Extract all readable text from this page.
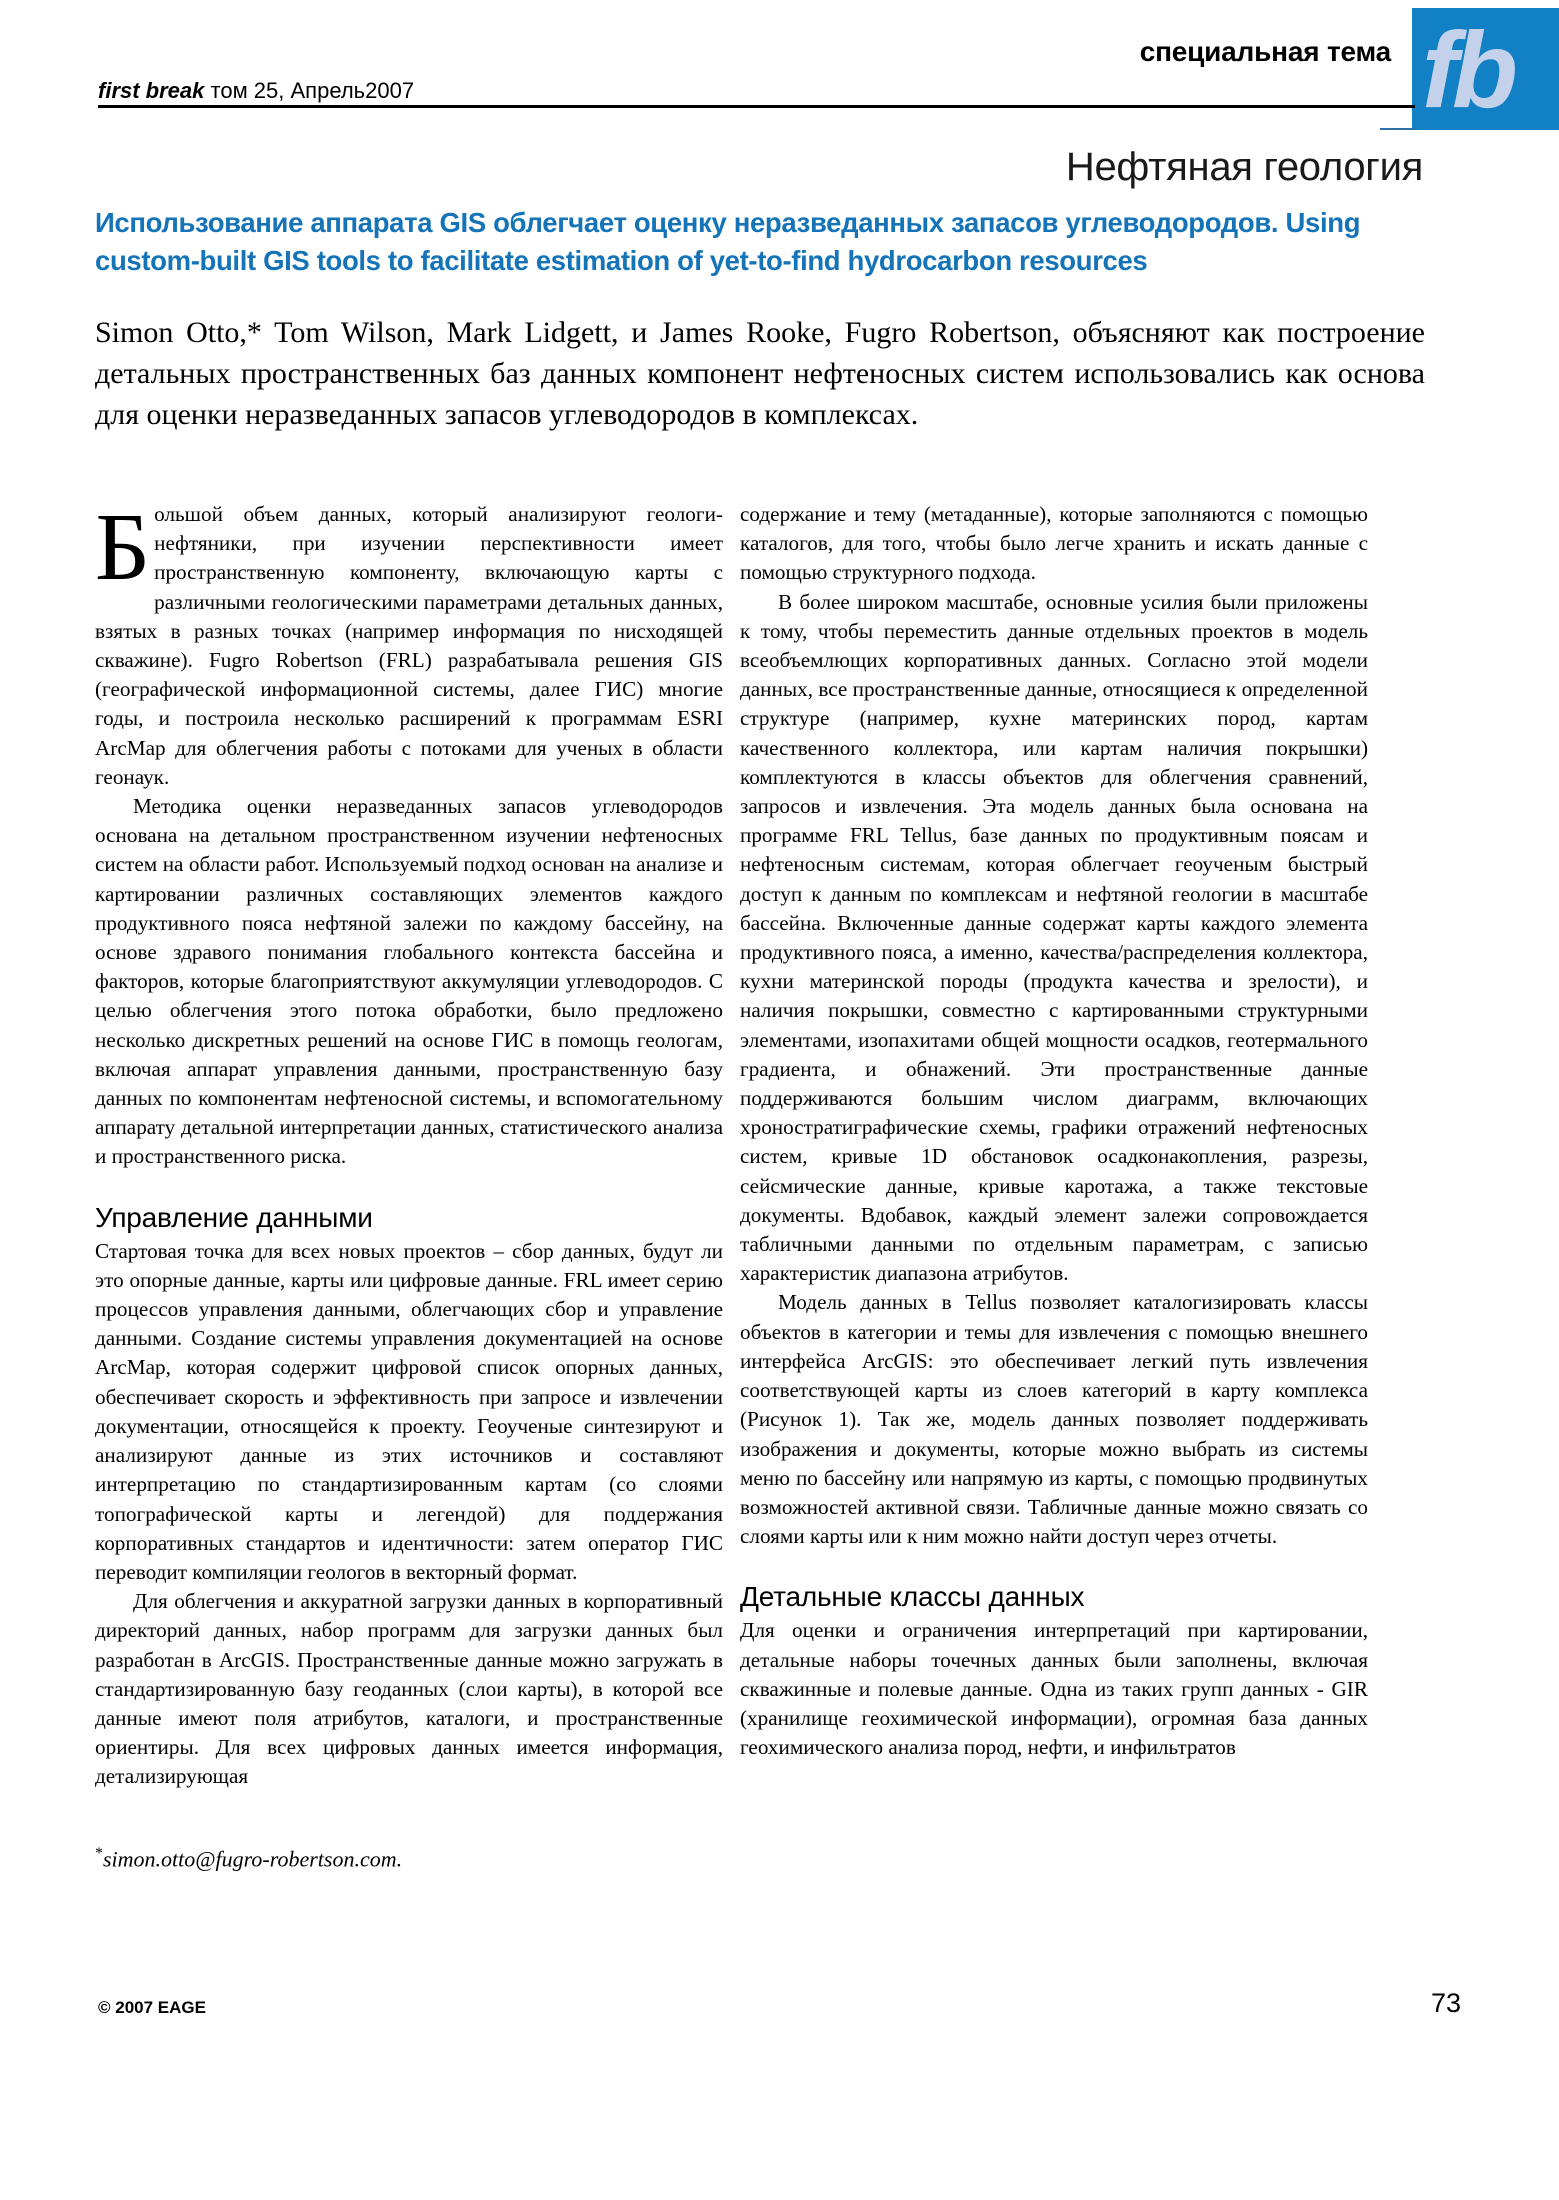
fb
специальная тема
first break том 25, Апрель2007
Нефтяная геология
Использование аппарата GIS облегчает оценку неразведанных запасов углеводородов. Using custom-built GIS tools to facilitate estimation of yet-to-find hydrocarbon resources
Simon Otto,* Tom Wilson, Mark Lidgett, и James Rooke, Fugro Robertson, объясняют как построение детальных пространственных баз данных компонент нефтеносных систем использовались как основа для оценки неразведанных запасов углеводородов в комплексах.

Большой объем данных, который анализируют геологи-нефтяники, при изучении перспективности имеет пространственную компоненту, включающую карты с различными геологическими параметрами детальных данных, взятых в разных точках (например информация по нисходящей скважине). Fugro Robertson (FRL) разрабатывала решения GIS (географической информационной системы, далее ГИС) многие годы, и построила несколько расширений к программам ESRI ArcMap для облегчения работы с потоками для ученых в области геонаук.

Методика оценки неразведанных запасов углеводородов основана на детальном пространственном изучении нефтеносных систем на области работ. Используемый подход основан на анализе и картировании различных составляющих элементов каждого продуктивного пояса нефтяной залежи по каждому бассейну, на основе здравого понимания глобального контекста бассейна и факторов, которые благоприятствуют аккумуляции углеводородов. С целью облегчения этого потока обработки, было предложено несколько дискретных решений на основе ГИС в помощь геологам, включая аппарат управления данными, пространственную базу данных по компонентам нефтеносной системы, и вспомогательному аппарату детальной интерпретации данных, статистического анализа и пространственного риска.

Управление данными

Стартовая точка для всех новых проектов – сбор данных, будут ли это опорные данные, карты или цифровые данные. FRL имеет серию процессов управления данными, облегчающих сбор и управление данными. Создание системы управления документацией на основе ArcMap, которая содержит цифровой список опорных данных, обеспечивает скорость и эффективность при запросе и извлечении документации, относящейся к проекту. Геоученые синтезируют и анализируют данные из этих источников и составляют интерпретацию по стандартизированным картам (со слоями топографической карты и легендой) для поддержания корпоративных стандартов и идентичности: затем оператор ГИС переводит компиляции геологов в векторный формат.

Для облегчения и аккуратной загрузки данных в корпоративный директорий данных, набор программ для загрузки данных был разработан в ArcGIS. Пространственные данные можно загружать в стандартизированную базу геоданных (слои карты), в которой все данные имеют поля атрибутов, каталоги, и пространственные ориентиры. Для всех цифровых данных имеется информация, детализирующая

содержание и тему (метаданные), которые заполняются с помощью каталогов, для того, чтобы было легче хранить и искать данные с помощью структурного подхода.

В более широком масштабе, основные усилия были приложены к тому, чтобы переместить данные отдельных проектов в модель всеобъемлющих корпоративных данных. Согласно этой модели данных, все пространственные данные, относящиеся к определенной структуре (например, кухне материнских пород, картам качественного коллектора, или картам наличия покрышки) комплектуются в классы объектов для облегчения сравнений, запросов и извлечения. Эта модель данных была основана на программе FRL Tellus, базе данных по продуктивным поясам и нефтеносным системам, которая облегчает геоученым быстрый доступ к данным по комплексам и нефтяной геологии в масштабе бассейна. Включенные данные содержат карты каждого элемента продуктивного пояса, а именно, качества/распределения коллектора, кухни материнской породы (продукта качества и зрелости), и наличия покрышки, совместно с картированными структурными элементами, изопахитами общей мощности осадков, геотермального градиента, и обнажений. Эти пространственные данные поддерживаются большим числом диаграмм, включающих хроностратиграфические схемы, графики отражений нефтеносных систем, кривые 1D обстановок осадконакопления, разрезы, сейсмические данные, кривые каротажа, а также текстовые документы. Вдобавок, каждый элемент залежи сопровождается табличными данными по отдельным параметрам, с записью характеристик диапазона атрибутов.

Модель данных в Tellus позволяет каталогизировать классы объектов в категории и темы для извлечения с помощью внешнего интерфейса ArcGIS: это обеспечивает легкий путь извлечения соответствующей карты из слоев категорий в карту комплекса (Рисунок 1). Так же, модель данных позволяет поддерживать изображения и документы, которые можно выбрать из системы меню по бассейну или напрямую из карты, с помощью продвинутых возможностей активной связи. Табличные данные можно связать со слоями карты или к ним можно найти доступ через отчеты.

Детальные классы данных

Для оценки и ограничения интерпретаций при картировании, детальные наборы точечных данных были заполнены, включая скважинные и полевые данные. Одна из таких групп данных - GIR (хранилище геохимической информации), огромная база данных геохимического анализа пород, нефти, и инфильтратов

*simon.otto@fugro-robertson.com.
© 2007 EAGE	73
